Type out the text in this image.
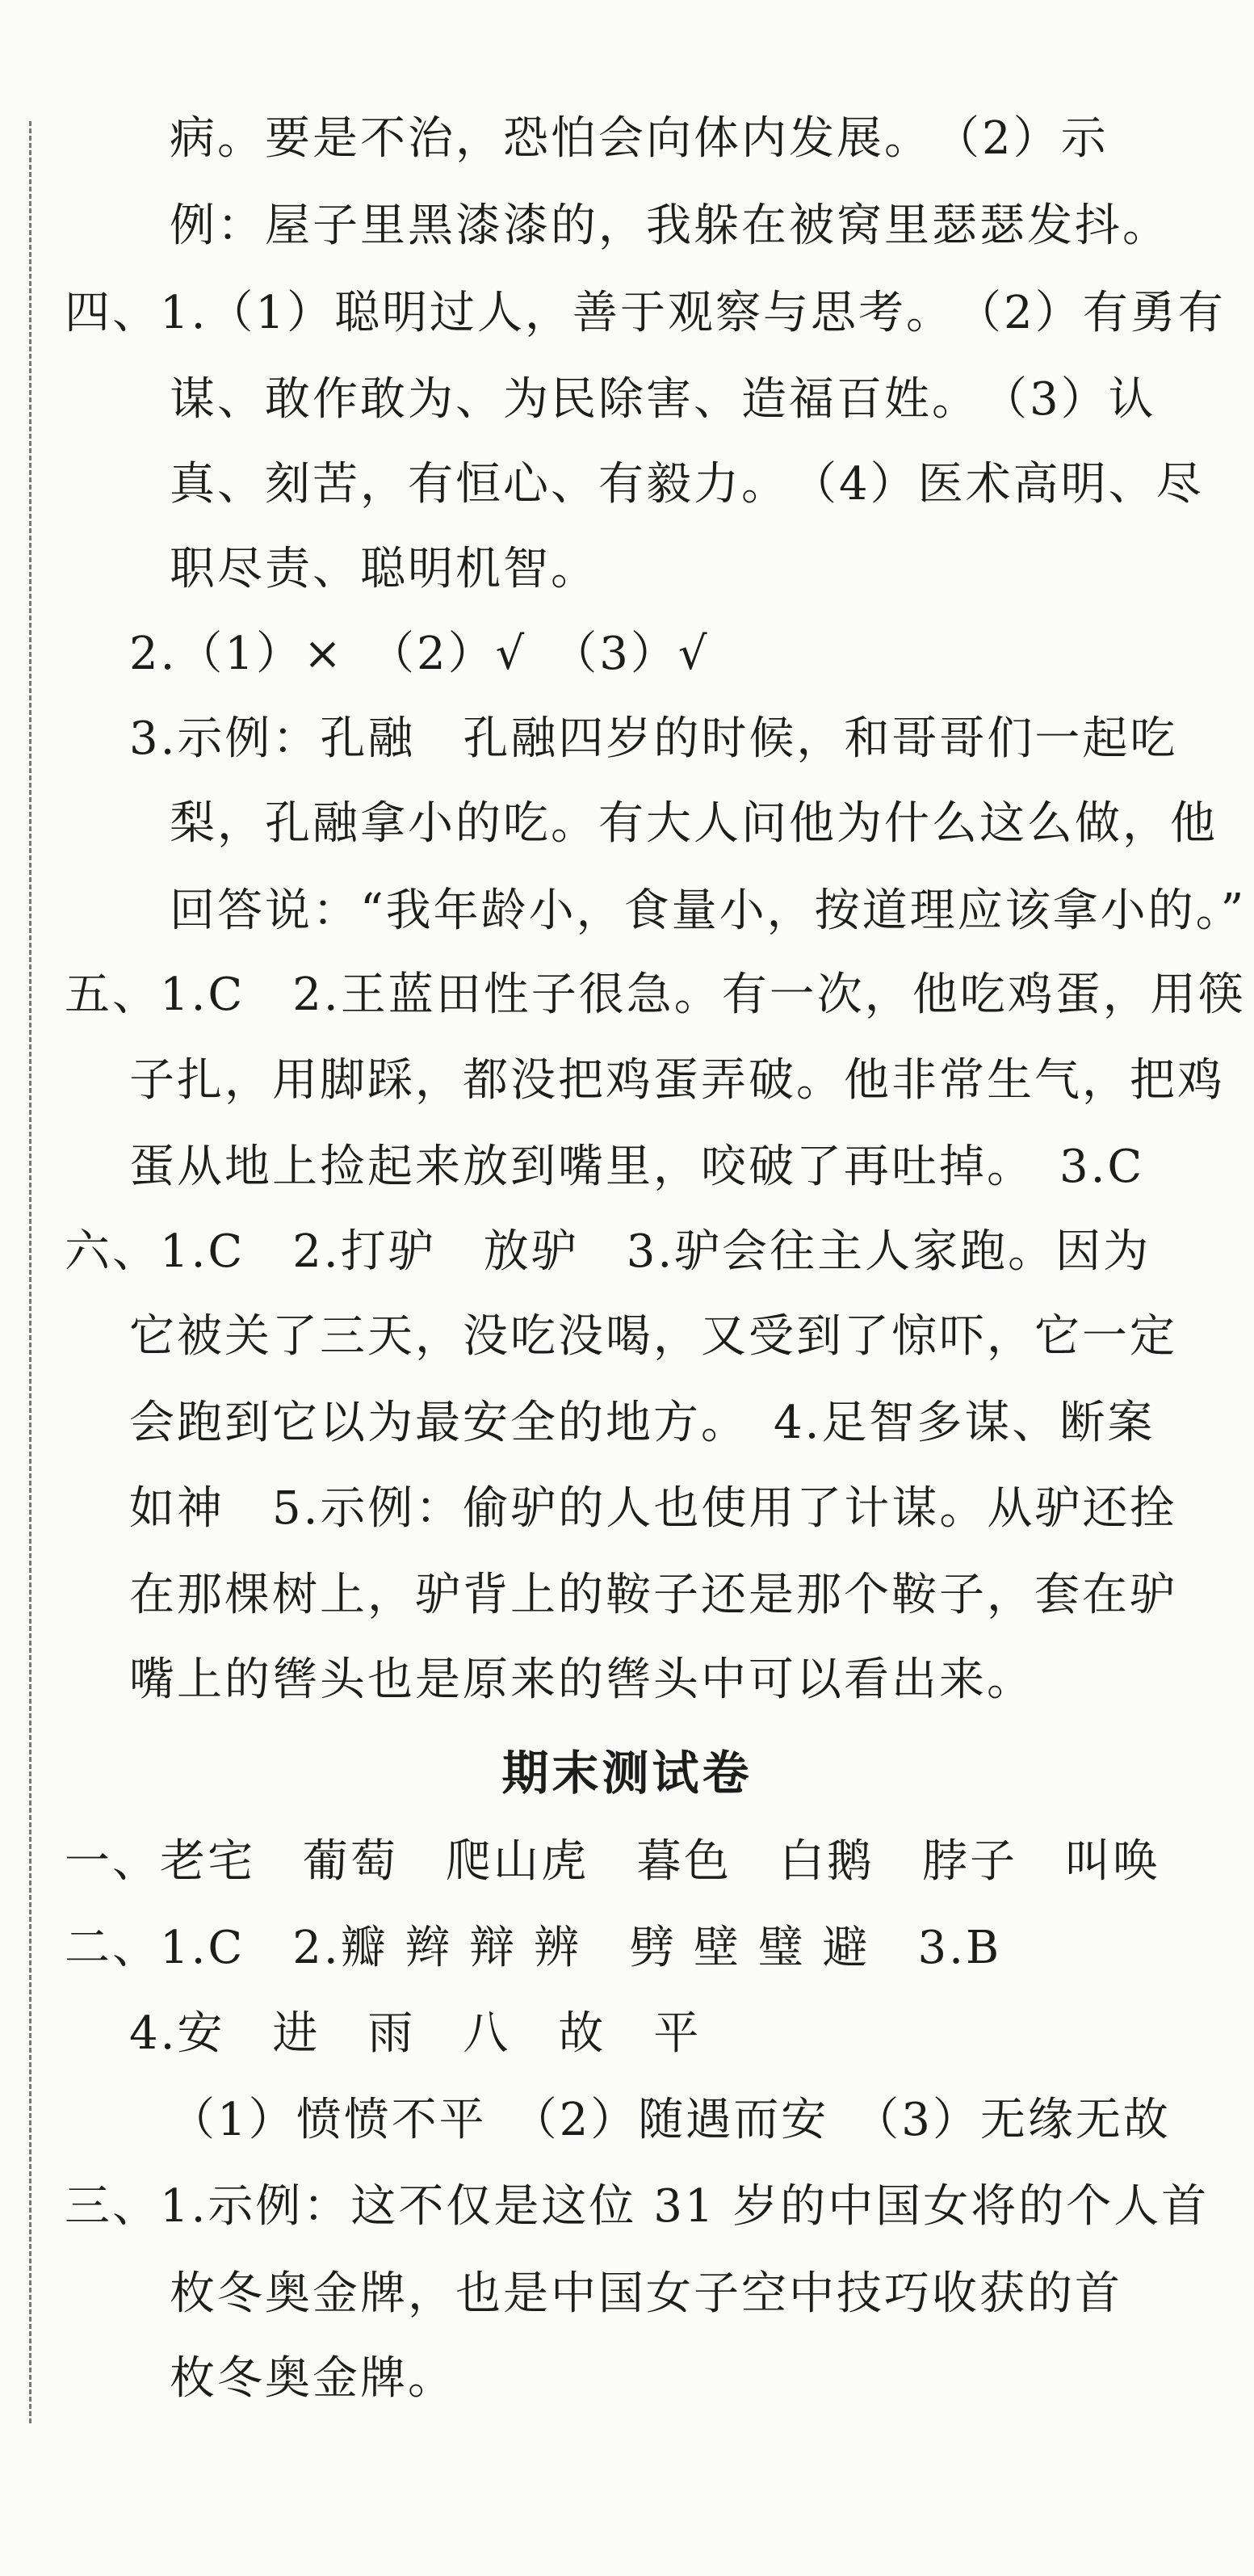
病。要是不治，恐怕会向体内发展。　（2）示
例：屋子里黑漆漆的，我躲在被窝里瑟瑟发抖。
四、1.（1）聪明过人，善于观察与思考。　（2）有勇有
谋、敢作敢为、为民除害、造福百姓。　（3）认
真、刻苦，有恒心、有毅力。　（4）医术高明、尽
职尽责、聪明机智。
2.（1）×　（2）√　（3）√
3.示例：孔融　孔融四岁的时候，和哥哥们一起吃
梨，孔融拿小的吃。有大人问他为什么这么做，他
回答说：“我年龄小，食量小，按道理应该拿小的。”
五、1.C　2.王蓝田性子很急。有一次，他吃鸡蛋，用筷
子扎，用脚踩，都没把鸡蛋弄破。他非常生气，把鸡
蛋从地上捡起来放到嘴里，咬破了再吐掉。　3.C
六、1.C　2.打驴　放驴　3.驴会往主人家跑。因为
它被关了三天，没吃没喝，又受到了惊吓，它一定
会跑到它以为最安全的地方。　4.足智多谋、断案
如神　5.示例：偷驴的人也使用了计谋。从驴还拴
在那棵树上，驴背上的鞍子还是那个鞍子，套在驴
嘴上的辔头也是原来的辔头中可以看出来。
期末测试卷
一、老宅　葡萄　爬山虎　暮色　白鹅　脖子　叫唤
二、1.C　2.瓣 辫 辩 辨　劈 壁 璧 避　3.B
4.安　进　雨　八　故　平
（1）愤愤不平　（2）随遇而安　（3）无缘无故
三、1.示例：这不仅是这位 31 岁的中国女将的个人首
枚冬奥金牌，也是中国女子空中技巧收获的首
枚冬奥金牌。
